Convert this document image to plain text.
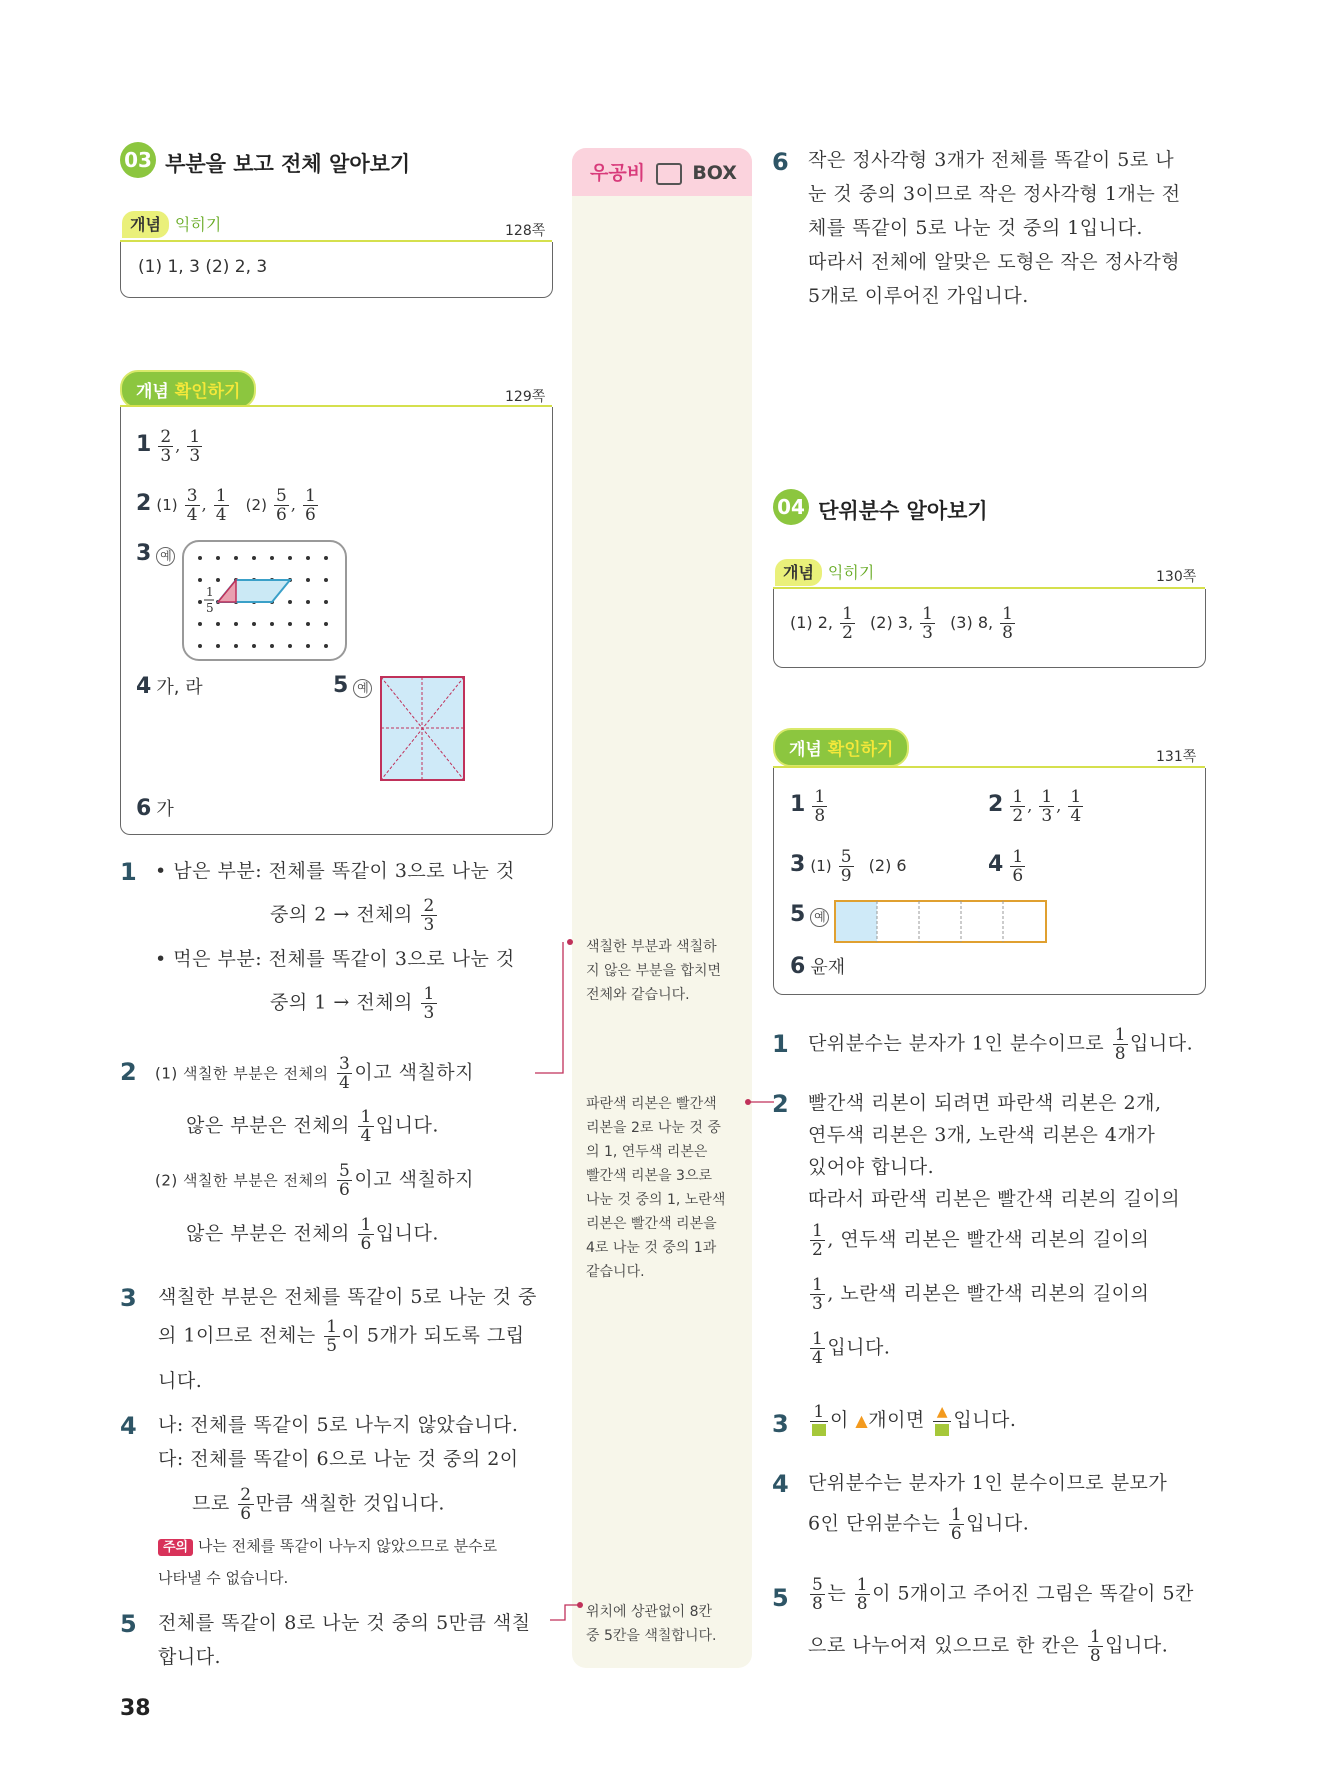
우공비 BOX
색칠한 부분과 색칠하
지 않은 부분을 합치면
전체와 같습니다.
파란색 리본은 빨간색
리본을 2로 나눈 것 중
의 1, 연두색 리본은
빨간색 리본을 3으로
나눈 것 중의 1, 노란색
리본은 빨간색 리본을
4로 나눈 것 중의 1과
같습니다.
위치에 상관없이 8칸
중 5칸을 색칠합니다.
03 부분을 보고 전체 알아보기
개념 익히기	128쪽
(1) 1, 3 (2) 2, 3
개념 확인하기	129쪽
$1 \frac{2}{3}$ , $\frac{1}{3}$
2 $(1) \frac{3}{4}$ , $\frac{1}{4} (2) \frac{5}{6}$ , $\frac{1}{6}$
3 예
1
5
4 가, 라	5 예
6 가
1 • 남은 부분: 전체를 똑같이 3으로 나눈 것
중의 2 → 전체의 $\frac{2}{3}$
• 먹은 부분: 전체를 똑같이 3으로 나눈 것
중의 1 → 전체의 $\frac{1}{3}$
2 (1) 색칠한 부분은 전체의 $\frac{3}{4}$ 이고 색칠하지
않은 부분은 전체의 $\frac{1}{4}$ 입니다.
(2) 색칠한 부분은 전체의 $\frac{5}{6}$ 이고 색칠하지
않은 부분은 전체의 $\frac{1}{6}$ 입니다.
3 색칠한 부분은 전체를 똑같이 5로 나눈 것 중
의 1이므로 전체는 $\frac{1}{5}$ 이 5개가 되도록 그립
니다.
4 나: 전체를 똑같이 5로 나누지 않았습니다.
다: 전체를 똑같이 6으로 나눈 것 중의 2이
므로 $\frac{2}{6}$ 만큼 색칠한 것입니다.
주의 나는 전체를 똑같이 나누지 않았으므로 분수로
나타낼 수 없습니다.
5 전체를 똑같이 8로 나눈 것 중의 5만큼 색칠
합니다.
38
6 작은 정사각형 3개가 전체를 똑같이 5로 나
눈 것 중의 3이므로 작은 정사각형 1개는 전
체를 똑같이 5로 나눈 것 중의 1입니다.
따라서 전체에 알맞은 도형은 작은 정사각형
5개로 이루어진 가입니다.
04 단위분수 알아보기
개념 익히기	130쪽
(1) 2, $\frac{1}{2} (2)$ 3, $\frac{1}{3} (3)$ 8, $\frac{1}{8}$
개념 확인하기	131쪽
$1 \frac{1}{8}$	$2 \frac{1}{2}$ , $\frac{1}{3}$ , $\frac{1}{4}$
3 $(1) \frac{5}{9} (2)$ 6	$4 \frac{1}{6}$
5 예
6 윤재
1 단위분수는 분자가 1인 분수이므로 $\frac{1}{8}$ 입니다.
2 빨간색 리본이 되려면 파란색 리본은 2개,
연두색 리본은 3개, 노란색 리본은 4개가
있어야 합니다.
따라서 파란색 리본은 빨간색 리본의 길이의
$\frac{1}{2}$ , 연두색 리본은 빨간색 리본의 길이의
$\frac{1}{3}$ , 노란색 리본은 빨간색 리본의 길이의
$\frac{1}{4}$ 입니다.
3 1 이 ▲개이면 ▲ 입니다.
4 단위분수는 분자가 1인 분수이므로 분모가
6인 단위분수는 $\frac{1}{6}$ 입니다.
$5 \frac{5}{8}$ 는 $\frac{1}{8}$ 이 5개이고 주어진 그림은 똑같이 5칸
으로 나누어져 있으므로 한 칸은 $\frac{1}{8}$ 입니다.
